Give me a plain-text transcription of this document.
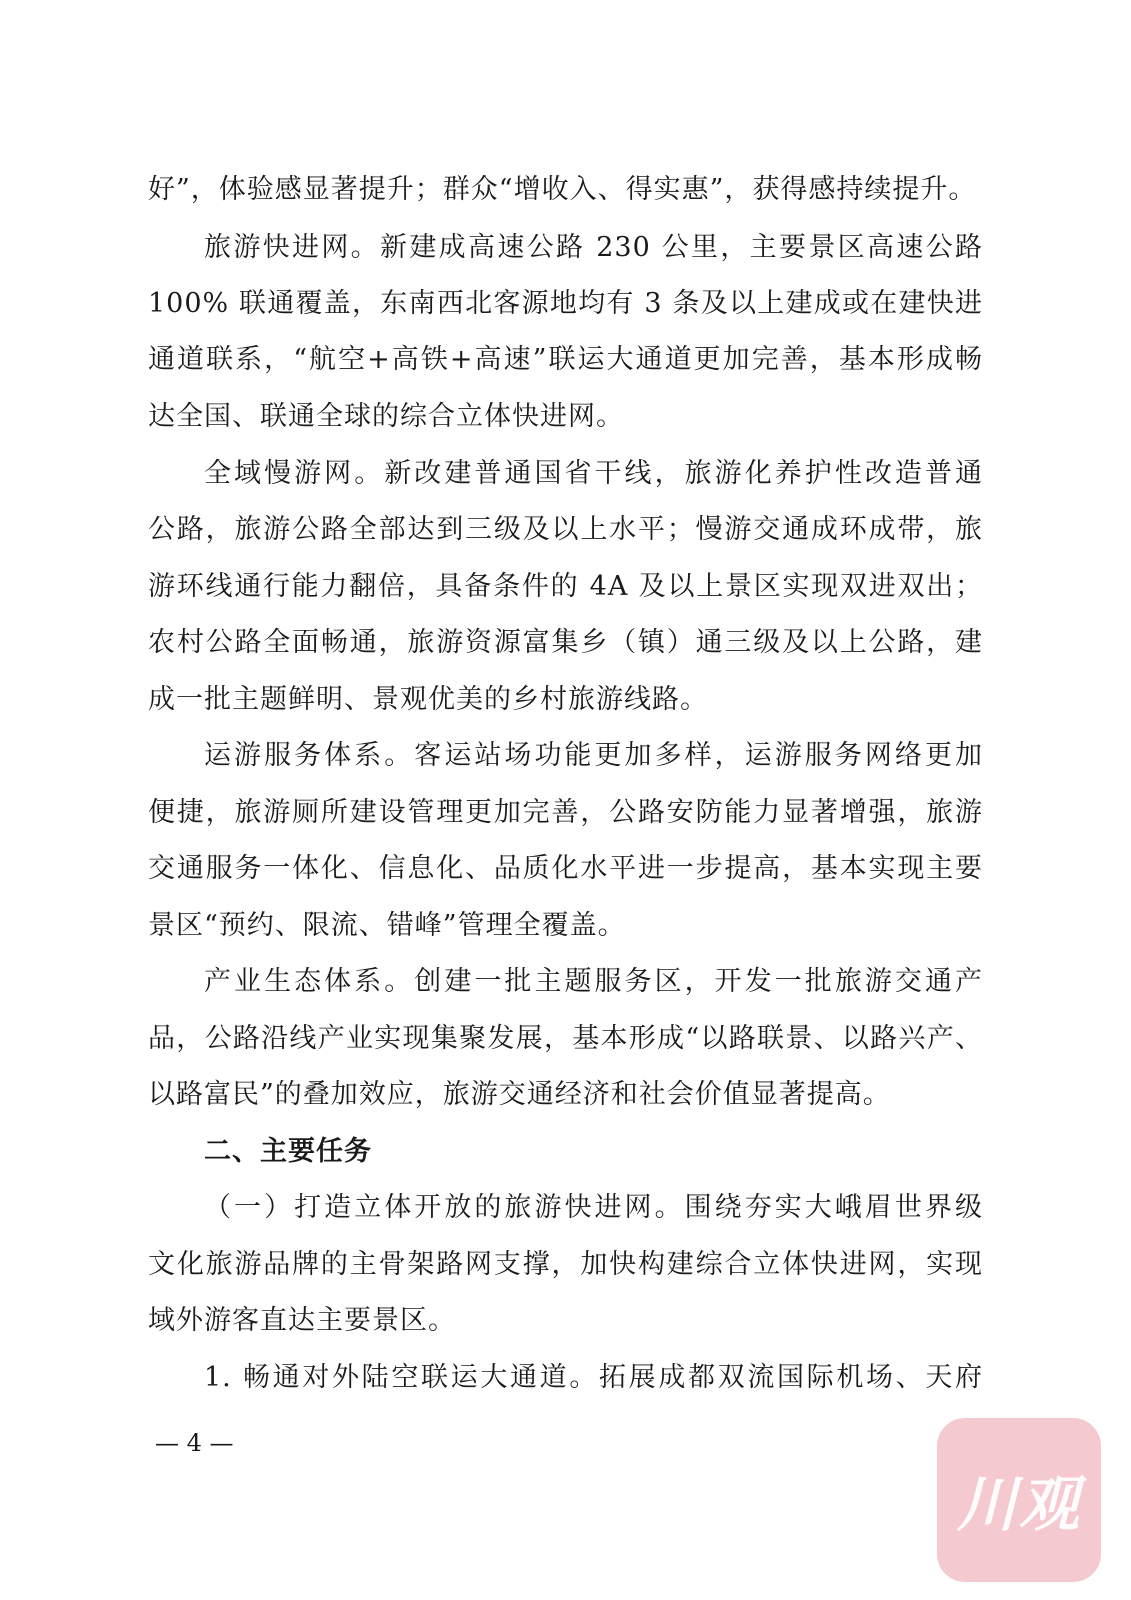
好”，体验感显著提升；群众“增收入、得实惠”，获得感持续提升。

旅游快进网。新建成高速公路 230 公里，主要景区高速公路

100% 联通覆盖，东南西北客源地均有 3 条及以上建成或在建快进

通道联系，“航空+高铁+高速”联运大通道更加完善，基本形成畅

达全国、联通全球的综合立体快进网。

全域慢游网。新改建普通国省干线，旅游化养护性改造普通

公路，旅游公路全部达到三级及以上水平；慢游交通成环成带，旅

游环线通行能力翻倍，具备条件的 4A 及以上景区实现双进双出；

农村公路全面畅通，旅游资源富集乡（镇）通三级及以上公路，建

成一批主题鲜明、景观优美的乡村旅游线路。

运游服务体系。客运站场功能更加多样，运游服务网络更加

便捷，旅游厕所建设管理更加完善，公路安防能力显著增强，旅游

交通服务一体化、信息化、品质化水平进一步提高，基本实现主要

景区“预约、限流、错峰”管理全覆盖。

产业生态体系。创建一批主题服务区，开发一批旅游交通产

品，公路沿线产业实现集聚发展，基本形成“以路联景、以路兴产、

以路富民”的叠加效应，旅游交通经济和社会价值显著提高。

二、主要任务

（一）打造立体开放的旅游快进网。围绕夯实大峨眉世界级

文化旅游品牌的主骨架路网支撑，加快构建综合立体快进网，实现

域外游客直达主要景区。

1. 畅通对外陆空联运大通道。拓展成都双流国际机场、天府

— 4 —
川观
